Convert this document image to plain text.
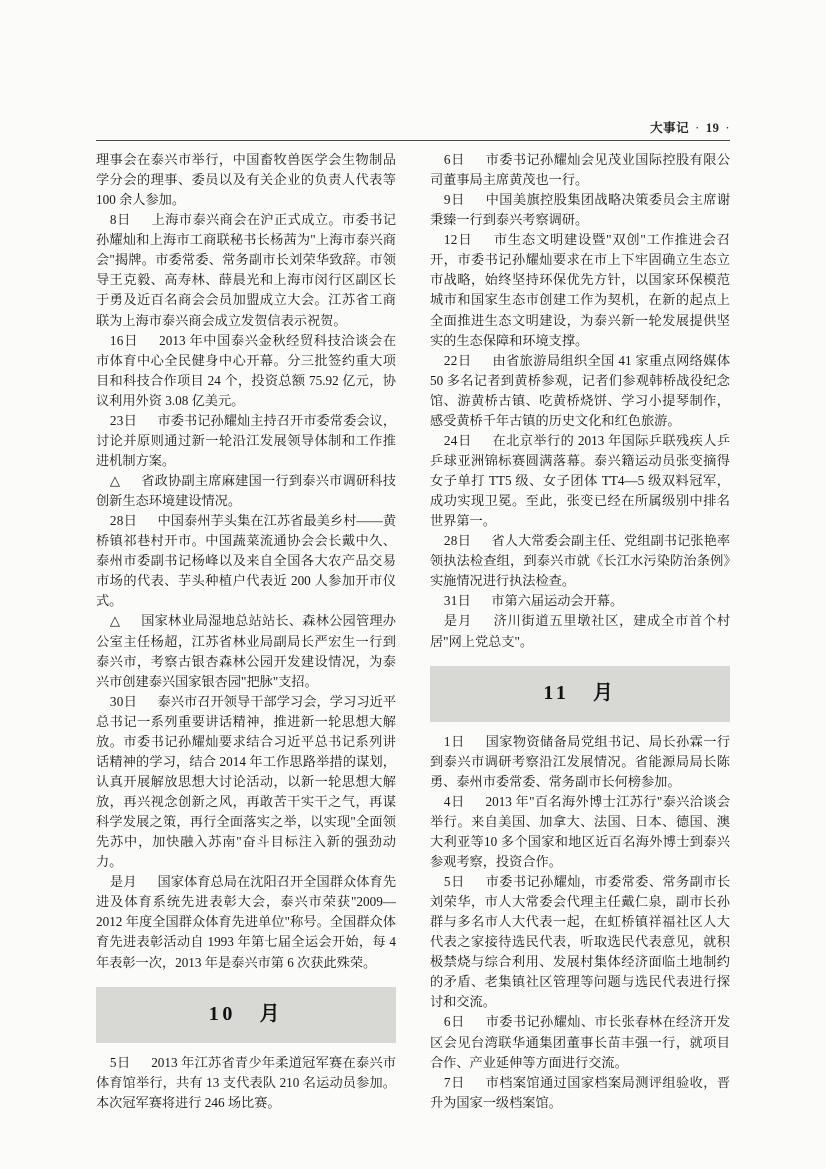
大事记 · 19 ·

理事会在泰兴市举行，中国畜牧兽医学会生物制品学分会的理事、委员以及有关企业的负责人代表等 100 余人参加。

8日　 上海市泰兴商会在沪正式成立。市委书记孙耀灿和上海市工商联秘书长杨茜为"上海市泰兴商会"揭牌。市委常委、常务副市长刘荣华致辞。市领导王克毅、高寿林、薛晨光和上海市闵行区副区长于勇及近百名商会会员加盟成立大会。江苏省工商联为上海市泰兴商会成立发贺信表示祝贺。

16日　 2013 年中国泰兴金秋经贸科技洽谈会在市体育中心全民健身中心开幕。分三批签约重大项目和科技合作项目 24 个，投资总额 75.92 亿元，协议利用外资 3.08 亿美元。

23日　 市委书记孙耀灿主持召开市委常委会议，讨论并原则通过新一轮沿江发展领导体制和工作推进机制方案。

△　 省政协副主席麻建国一行到泰兴市调研科技创新生态环境建设情况。

28日　 中国泰州芋头集在江苏省最美乡村——黄桥镇祁巷村开市。中国蔬菜流通协会会长戴中久、泰州市委副书记杨峰以及来自全国各大农产品交易市场的代表、芋头种植户代表近 200 人参加开市仪式。

△　 国家林业局湿地总站站长、森林公园管理办公室主任杨超，江苏省林业局副局长严宏生一行到泰兴市，考察古银杏森林公园开发建设情况，为泰兴市创建泰兴国家银杏园"把脉"支招。

30日　 泰兴市召开领导干部学习会，学习习近平总书记一系列重要讲话精神，推进新一轮思想大解放。市委书记孙耀灿要求结合习近平总书记系列讲话精神的学习，结合 2014 年工作思路举措的谋划，认真开展解放思想大讨论活动，以新一轮思想大解放，再兴视念创新之风，再敢苦干实干之气，再谋科学发展之策，再行全面落实之举，以实现"全面领先苏中，加快融入苏南"奋斗目标注入新的强劲动力。

是月　 国家体育总局在沈阳召开全国群众体育先进及体育系统先进表彰大会，泰兴市荣获"2009—2012 年度全国群众体育先进单位"称号。全国群众体育先进表彰活动自 1993 年第七届全运会开始，每 4 年表彰一次，2013 年是泰兴市第 6 次获此殊荣。

10　月

5日　 2013 年江苏省青少年柔道冠军赛在泰兴市体育馆举行，共有 13 支代表队 210 名运动员参加。本次冠军赛将进行 246 场比赛。

6日　 市委书记孙耀灿会见茂业国际控股有限公司董事局主席黄茂也一行。

9日　 中国美旗控股集团战略决策委员会主席谢秉臻一行到泰兴考察调研。

12日　 市生态文明建设暨"双创"工作推进会召开，市委书记孙耀灿要求在市上下牢固确立生态立市战略，始终坚持环保优先方针，以国家环保模范城市和国家生态市创建工作为契机，在新的起点上全面推进生态文明建设，为泰兴新一轮发展提供坚实的生态保障和环境支撑。

22日　 由省旅游局组织全国 41 家重点网络媒体50 多名记者到黄桥参观，记者们参观韩桥战役纪念馆、游黄桥古镇、吃黄桥烧饼、学习小提琴制作，感受黄桥千年古镇的历史文化和红色旅游。

24日　 在北京举行的 2013 年国际乒联残疾人乒乒球亚洲锦标赛圆满落幕。泰兴籍运动员张变摘得女子单打 TT5 级、女子团体 TT4—5 级双料冠军，成功实现卫冕。至此，张变已经在所属级别中排名世界第一。

28日　 省人大常委会副主任、党组副书记张艳率领执法检查组，到泰兴市就《长江水污染防治条例》实施情况进行执法检查。

31日　 市第六届运动会开幕。

是月　 济川街道五里墩社区，建成全市首个村居"网上党总支"。

11　月

1日　 国家物资储备局党组书记、局长孙霖一行到泰兴市调研考察沿江发展情况。省能源局局长陈勇、泰州市委常委、常务副市长何榜参加。

4日　 2013 年"百名海外博士江苏行"泰兴洽谈会举行。来自美国、加拿大、法国、日本、德国、澳大利亚等10 多个国家和地区近百名海外博士到泰兴参观考察，投资合作。

5日　 市委书记孙耀灿，市委常委、常务副市长刘荣华，市人大常委会代理主任戴仁泉，副市长孙群与多名市人大代表一起，在虹桥镇祥福社区人大代表之家接待选民代表，听取选民代表意见，就积极禁烧与综合利用、发展村集体经济面临土地制约的矛盾、老集镇社区管理等问题与选民代表进行探讨和交流。

6日　 市委书记孙耀灿、市长张春林在经济开发区会见台湾联华通集团董事长苗丰强一行，就项目合作、产业延伸等方面进行交流。

7日　 市档案馆通过国家档案局测评组验收，晋升为国家一级档案馆。
